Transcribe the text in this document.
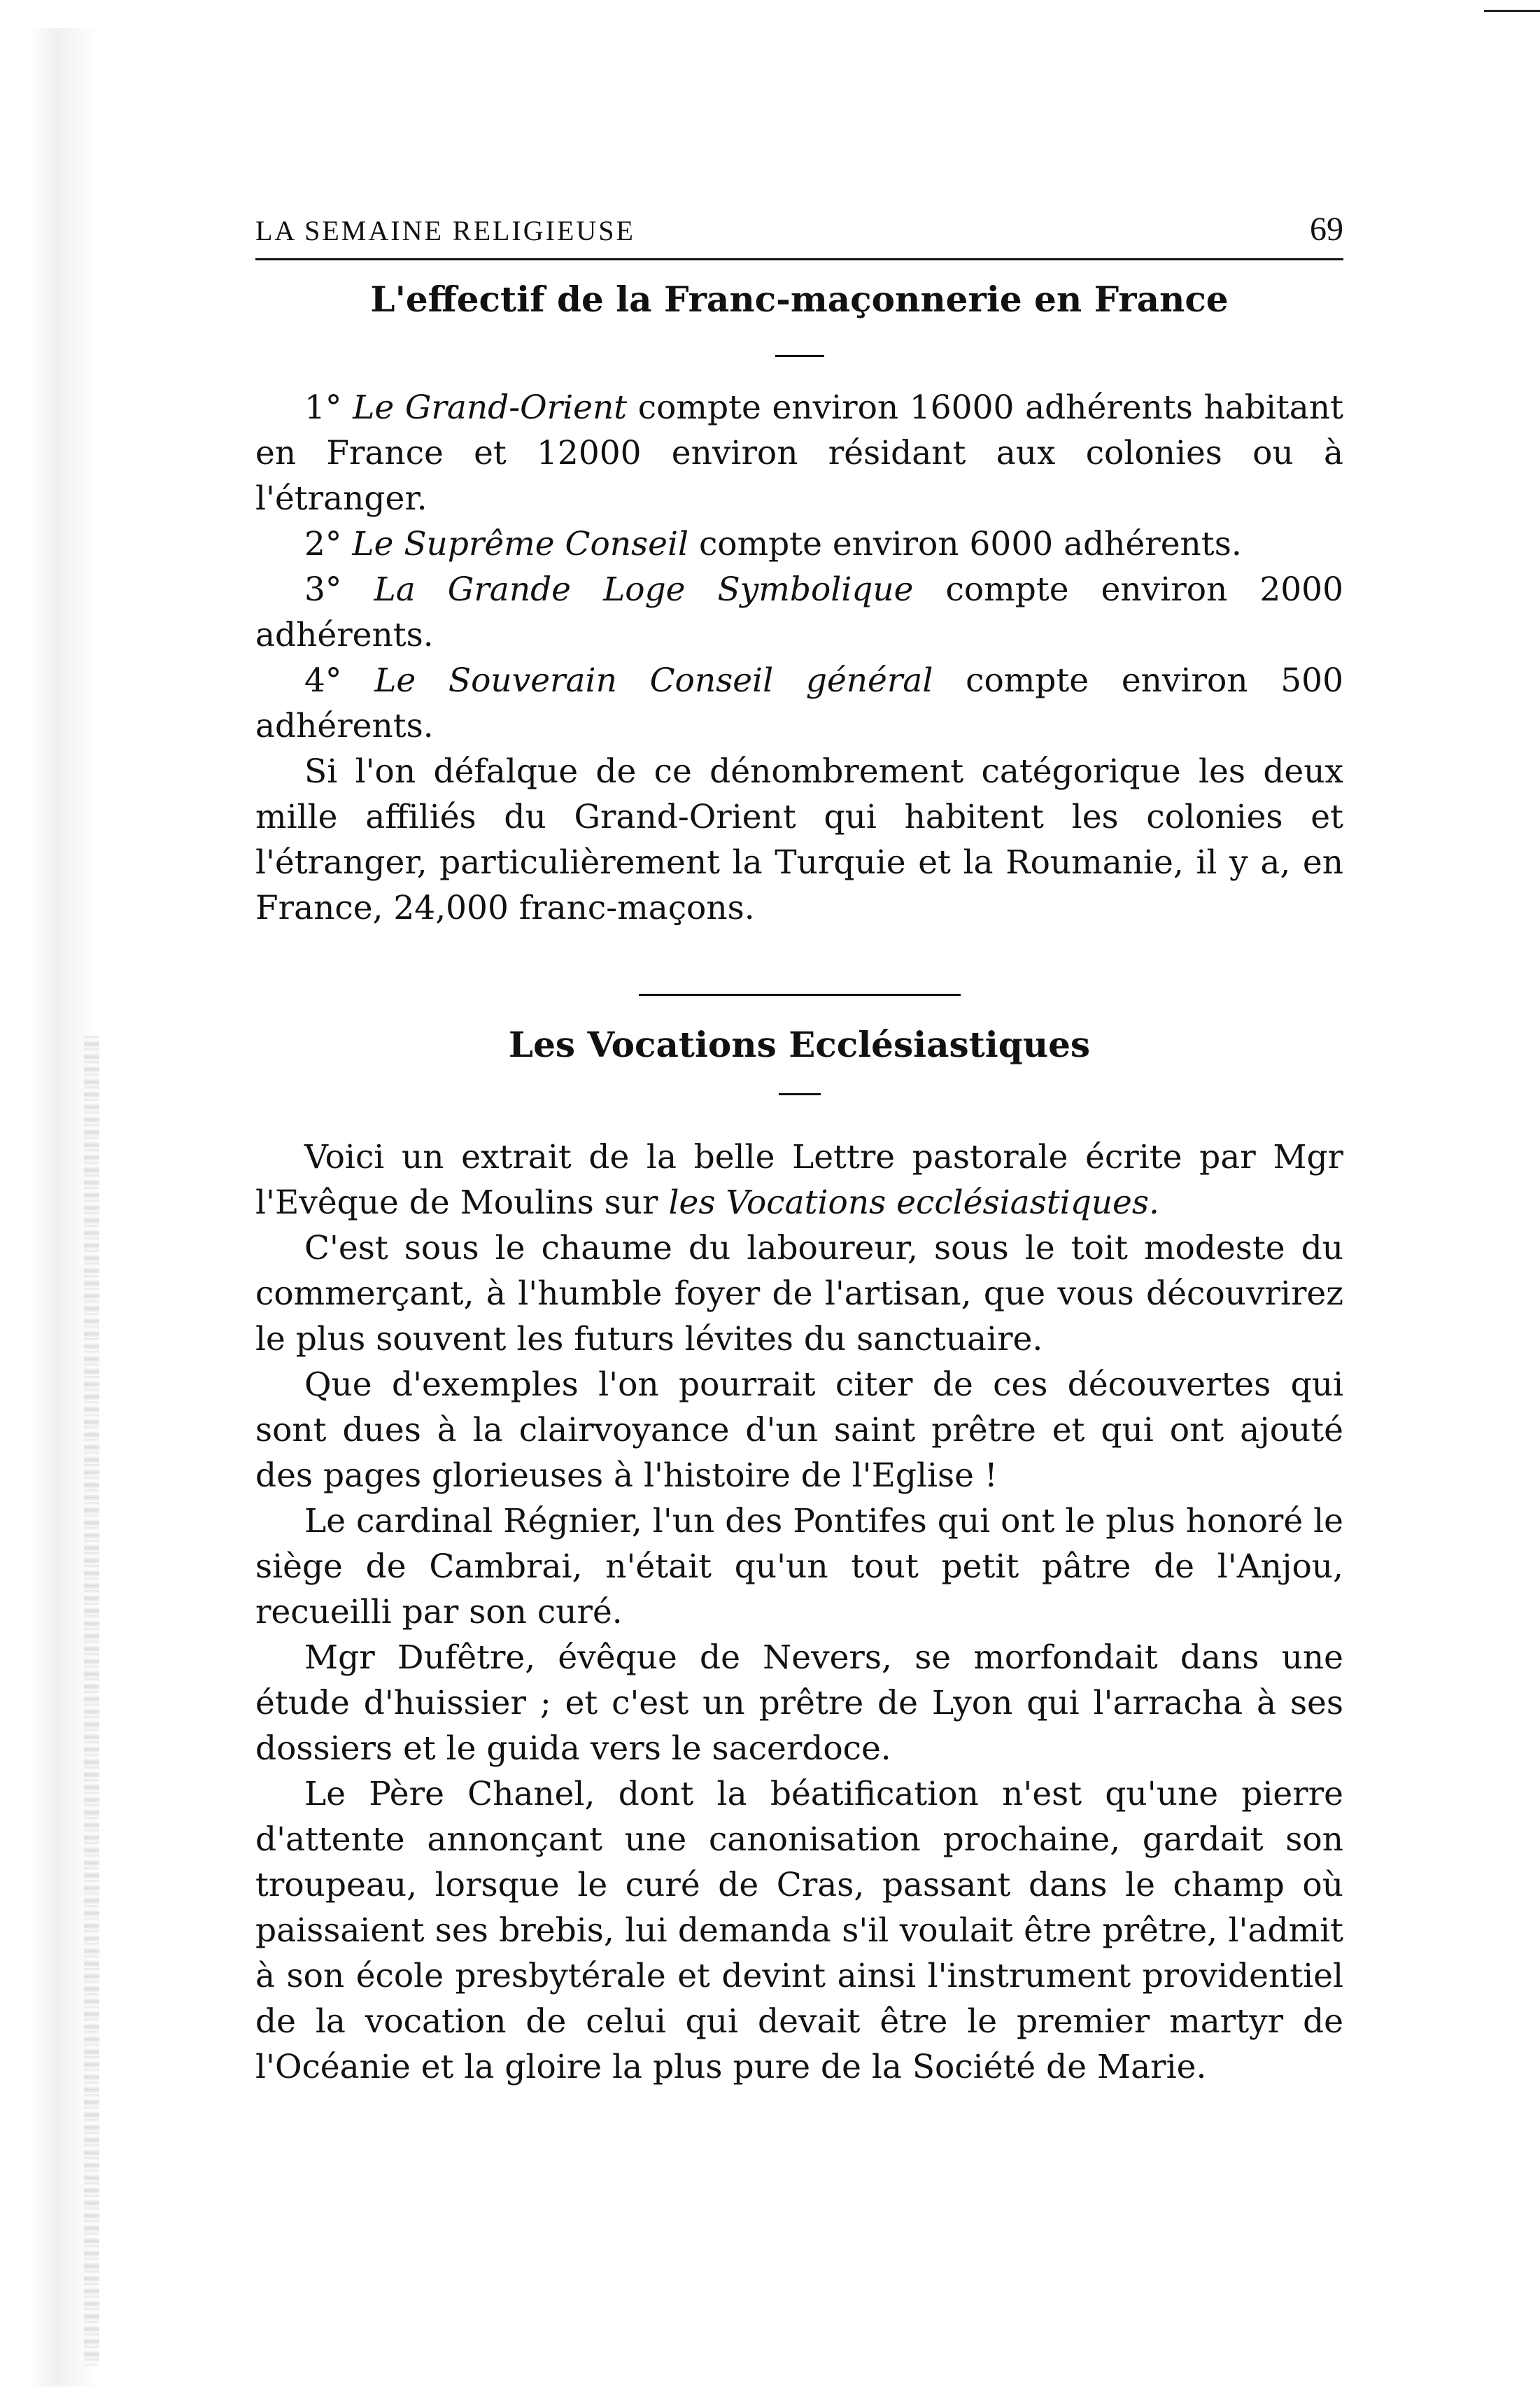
LA SEMAINE RELIGIEUSE	69
L'effectif de la Franc-maçonnerie en France

1° Le Grand-Orient compte environ 16000 adhérents habitant en France et 12000 environ résidant aux colonies ou à l'étranger.

2° Le Suprême Conseil compte environ 6000 adhérents.

3° La Grande Loge Symbolique compte environ 2000 adhérents.

4° Le Souverain Conseil général compte environ 500 adhérents.

Si l'on défalque de ce dénombrement catégorique les deux mille affiliés du Grand-Orient qui habitent les colonies et l'étranger, particulièrement la Turquie et la Roumanie, il y a, en France, 24,000 franc-maçons.

Les Vocations Ecclésiastiques

Voici un extrait de la belle Lettre pastorale écrite par Mgr l'Evêque de Moulins sur les Vocations ecclésiastiques.

C'est sous le chaume du laboureur, sous le toit modeste du commerçant, à l'humble foyer de l'artisan, que vous découvrirez le plus souvent les futurs lévites du sanctuaire.

Que d'exemples l'on pourrait citer de ces découvertes qui sont dues à la clairvoyance d'un saint prêtre et qui ont ajouté des pages glorieuses à l'histoire de l'Eglise !

Le cardinal Régnier, l'un des Pontifes qui ont le plus honoré le siège de Cambrai, n'était qu'un tout petit pâtre de l'Anjou, recueilli par son curé.

Mgr Dufêtre, évêque de Nevers, se morfondait dans une étude d'huissier ; et c'est un prêtre de Lyon qui l'arracha à ses dossiers et le guida vers le sacerdoce.

Le Père Chanel, dont la béatification n'est qu'une pierre d'attente annonçant une canonisation prochaine, gardait son troupeau, lorsque le curé de Cras, passant dans le champ où paissaient ses brebis, lui demanda s'il voulait être prêtre, l'admit à son école presbytérale et devint ainsi l'instrument providentiel de la vocation de celui qui devait être le premier martyr de l'Océanie et la gloire la plus pure de la Société de Marie.
